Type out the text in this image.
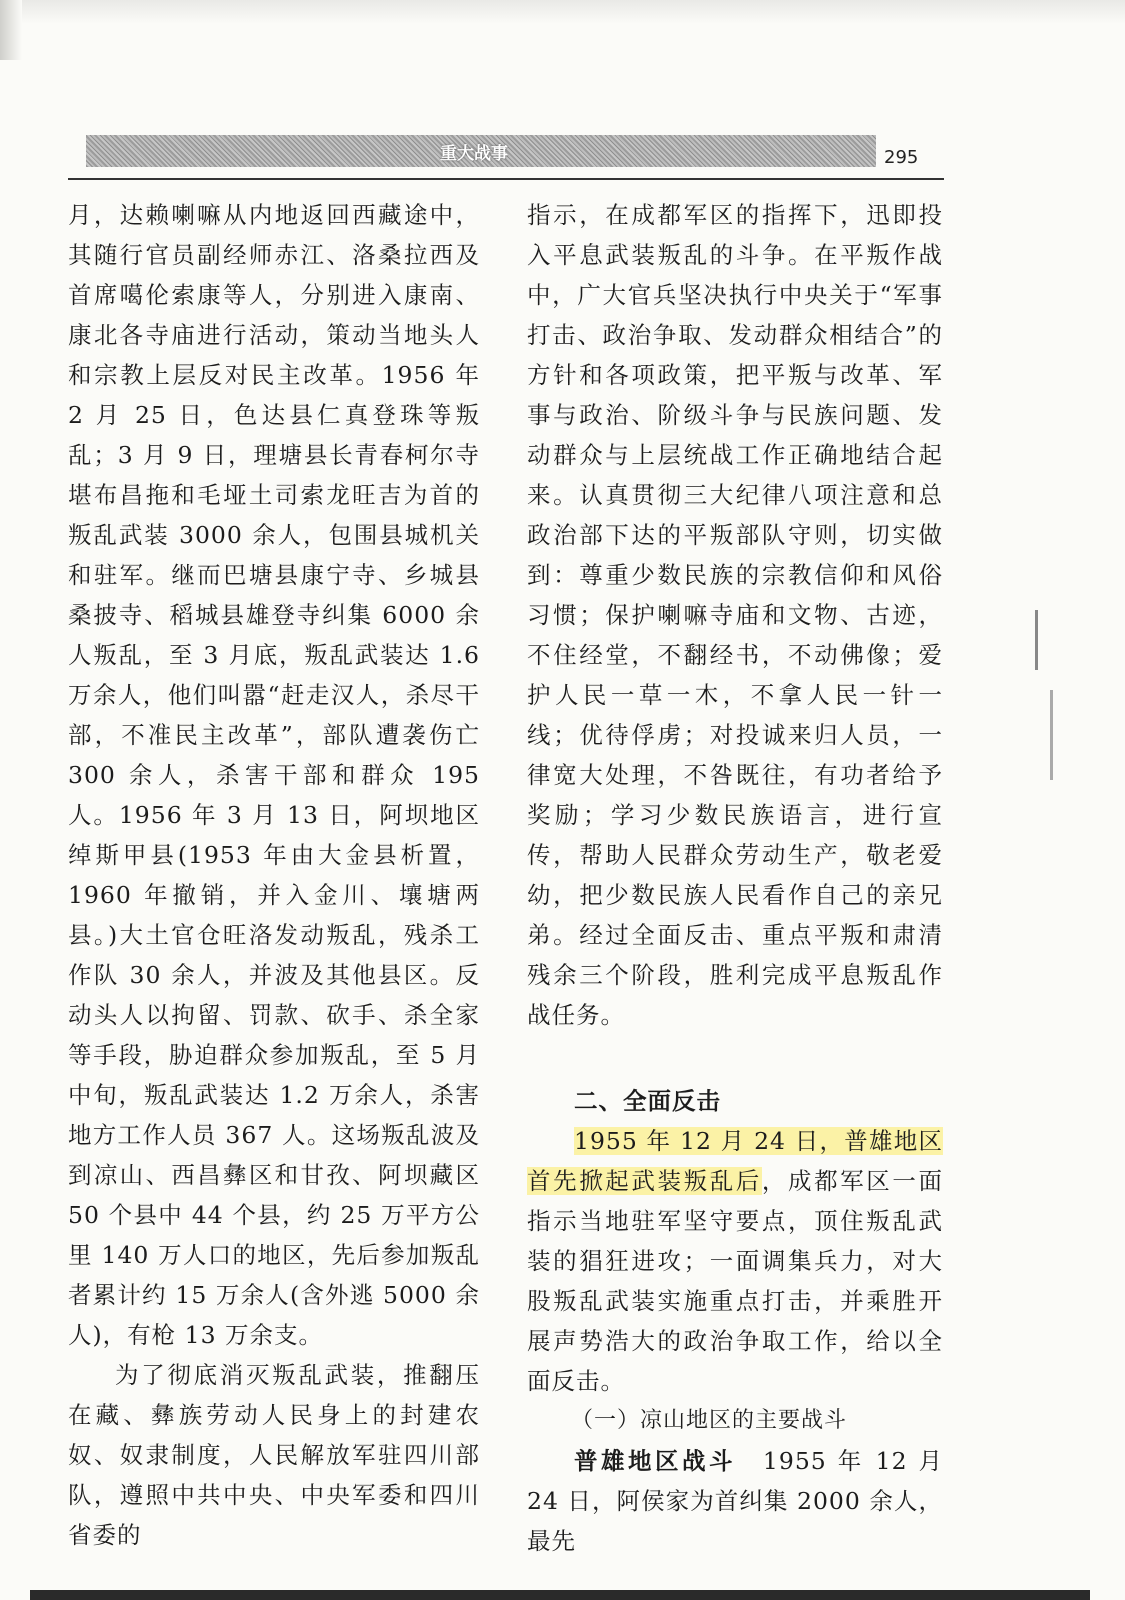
重大战事	295

月，达赖喇嘛从内地返回西藏途中，其随行官员副经师赤江、洛桑拉西及首席噶伦索康等人，分别进入康南、康北各寺庙进行活动，策动当地头人和宗教上层反对民主改革。1956 年 2 月 25 日，色达县仁真登珠等叛乱；3 月 9 日，理塘县长青春柯尔寺堪布昌拖和毛垭土司索龙旺吉为首的叛乱武装 3000 余人，包围县城机关和驻军。继而巴塘县康宁寺、乡城县桑披寺、稻城县雄登寺纠集 6000 余人叛乱，至 3 月底，叛乱武装达 1.6 万余人，他们叫嚣“赶走汉人，杀尽干部，不准民主改革”，部队遭袭伤亡 300 余人，杀害干部和群众 195 人。1956 年 3 月 13 日，阿坝地区绰斯甲县(1953 年由大金县析置，1960 年撤销，并入金川、壤塘两县。)大土官仓旺洛发动叛乱，残杀工作队 30 余人，并波及其他县区。反动头人以拘留、罚款、砍手、杀全家等手段，胁迫群众参加叛乱，至 5 月中旬，叛乱武装达 1.2 万余人，杀害地方工作人员 367 人。这场叛乱波及到凉山、西昌彝区和甘孜、阿坝藏区 50 个县中 44 个县，约 25 万平方公里 140 万人口的地区，先后参加叛乱者累计约 15 万余人(含外逃 5000 余人)，有枪 13 万余支。

为了彻底消灭叛乱武装，推翻压在藏、彝族劳动人民身上的封建农奴、奴隶制度，人民解放军驻四川部队，遵照中共中央、中央军委和四川省委的

指示，在成都军区的指挥下，迅即投入平息武装叛乱的斗争。在平叛作战中，广大官兵坚决执行中央关于“军事打击、政治争取、发动群众相结合”的方针和各项政策，把平叛与改革、军事与政治、阶级斗争与民族问题、发动群众与上层统战工作正确地结合起来。认真贯彻三大纪律八项注意和总政治部下达的平叛部队守则，切实做到：尊重少数民族的宗教信仰和风俗习惯；保护喇嘛寺庙和文物、古迹，不住经堂，不翻经书，不动佛像；爱护人民一草一木，不拿人民一针一线；优待俘虏；对投诚来归人员，一律宽大处理，不咎既往，有功者给予奖励；学习少数民族语言，进行宣传，帮助人民群众劳动生产，敬老爱幼，把少数民族人民看作自己的亲兄弟。经过全面反击、重点平叛和肃清残余三个阶段，胜利完成平息叛乱作战任务。

二、全面反击

1955 年 12 月 24 日，普雄地区首先掀起武装叛乱后，成都军区一面指示当地驻军坚守要点，顶住叛乱武装的猖狂进攻；一面调集兵力，对大股叛乱武装实施重点打击，并乘胜开展声势浩大的政治争取工作，给以全面反击。

（一）凉山地区的主要战斗

普雄地区战斗　1955 年 12 月 24 日，阿侯家为首纠集 2000 余人，最先
